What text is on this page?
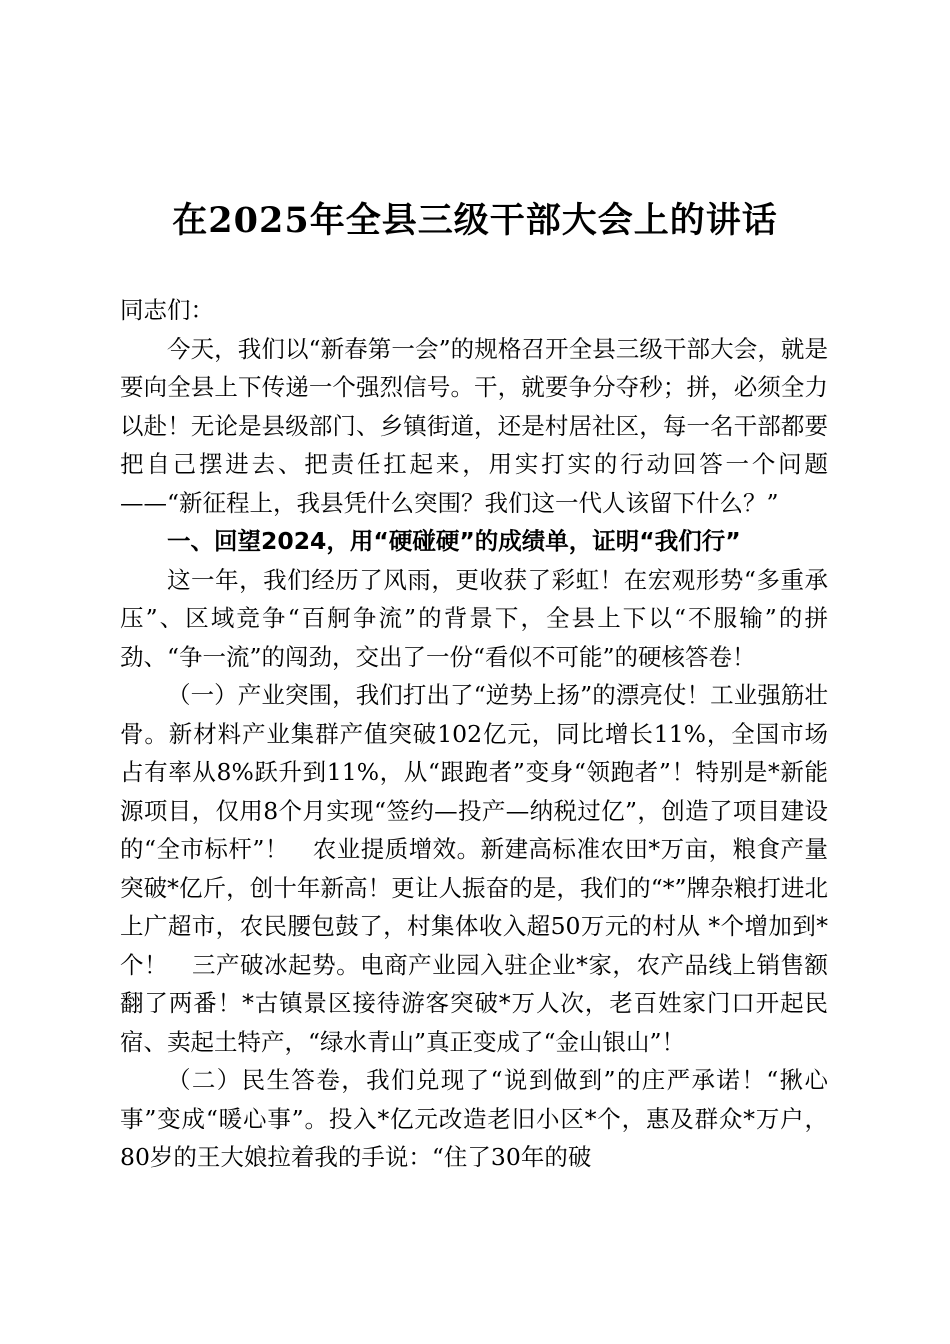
在2025年全县三级干部大会上的讲话

同志们：

今天，我们以“新春第一会”的规格召开全县三级干部大会，就是要向全县上下传递一个强烈信号。干，就要争分夺秒；拼，必须全力以赴！无论是县级部门、乡镇街道，还是村居社区，每一名干部都要把自己摆进去、把责任扛起来，用实打实的行动回答一个问题——“新征程上，我县凭什么突围？我们这一代人该留下什么？”

一、回望2024，用“硬碰硬”的成绩单，证明“我们行”

这一年，我们经历了风雨，更收获了彩虹！在宏观形势“多重承压”、区域竞争“百舸争流”的背景下，全县上下以“不服输”的拼劲、“争一流”的闯劲，交出了一份“看似不可能”的硬核答卷！

（一）产业突围，我们打出了“逆势上扬”的漂亮仗！工业强筋壮骨。新材料产业集群产值突破102亿元，同比增长11%，全国市场占有率从8%跃升到11%，从“跟跑者”变身“领跑者”！特别是*新能源项目，仅用8个月实现“签约—投产—纳税过亿”，创造了项目建设的“全市标杆”！　农业提质增效。新建高标准农田*万亩，粮食产量突破*亿斤，创十年新高！更让人振奋的是，我们的“*”牌杂粮打进北上广超市，农民腰包鼓了，村集体收入超50万元的村从 *个增加到*个！　三产破冰起势。电商产业园入驻企业*家，农产品线上销售额翻了两番！*古镇景区接待游客突破*万人次，老百姓家门口开起民宿、卖起土特产，“绿水青山”真正变成了“金山银山”！

（二）民生答卷，我们兑现了“说到做到”的庄严承诺！“揪心事”变成“暖心事”。投入*亿元改造老旧小区*个，惠及群众*万户，80岁的王大娘拉着我的手说：“住了30年的破
